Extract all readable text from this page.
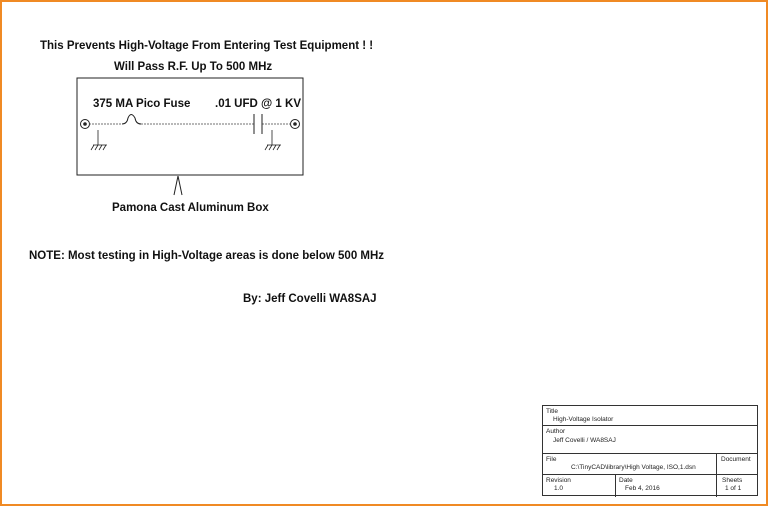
This Prevents High-Voltage From Entering Test Equipment ! !
Will Pass R.F. Up To 500 MHz
375 MA Pico Fuse .01 UFD @ 1 KV
Pamona Cast Aluminum Box
NOTE: Most testing in High-Voltage areas is done below 500 MHz
By: Jeff Covelli WA8SAJ
Title
High-Voltage Isolator
Author
Jeff Covelli / WA8SAJ
File
C:\TinyCAD\library\High Voltage, ISO,1.dsn
Document
Revision
1.0
Date
Feb 4, 2016
Sheets
1 of 1
